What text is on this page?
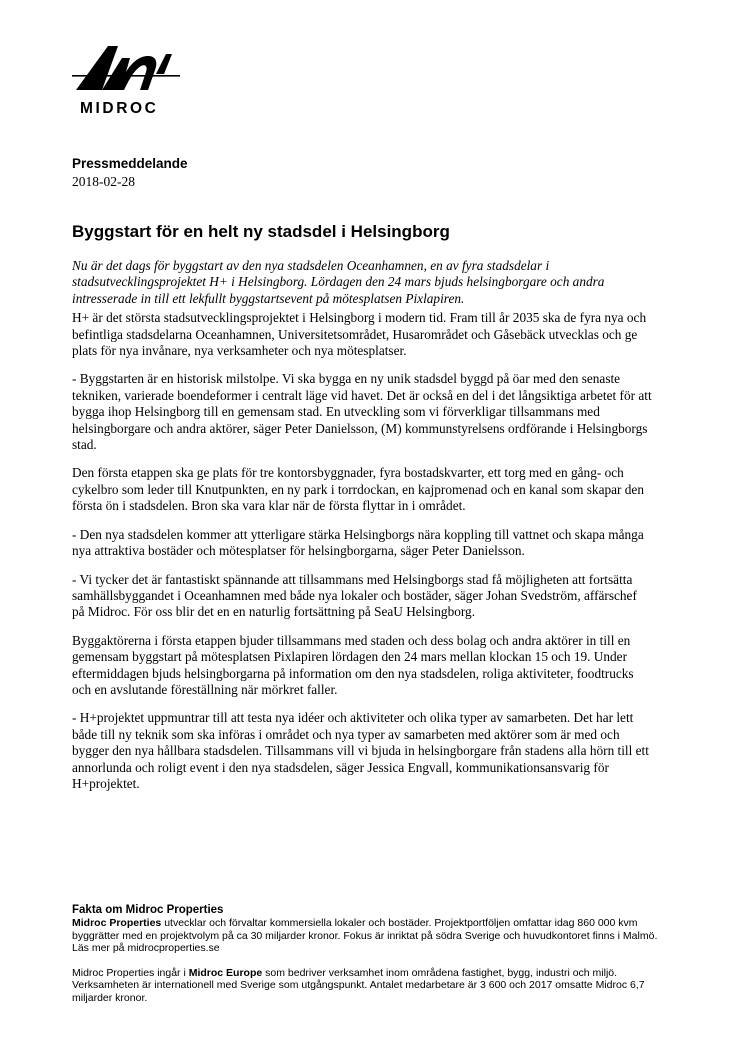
MIDROC
Pressmeddelande
2018-02-28
Byggstart för en helt ny stadsdel i Helsingborg

Nu är det dags för byggstart av den nya stadsdelen Oceanhamnen, en av fyra stadsdelar i stadsutvecklingsprojektet H+ i Helsingborg. Lördagen den 24 mars bjuds helsingborgare och andra intresserade in till ett lekfullt byggstartsevent på mötesplatsen Pixlapiren.

H+ är det största stadsutvecklingsprojektet i Helsingborg i modern tid. Fram till år 2035 ska de fyra nya och befintliga stadsdelarna Oceanhamnen, Universitetsområdet, Husarområdet och Gåsebäck utvecklas och ge plats för nya invånare, nya verksamheter och nya mötesplatser.

- Byggstarten är en historisk milstolpe. Vi ska bygga en ny unik stadsdel byggd på öar med den senaste tekniken, varierade boendeformer i centralt läge vid havet. Det är också en del i det långsiktiga arbetet för att bygga ihop Helsingborg till en gemensam stad. En utveckling som vi förverkligar tillsammans med helsingborgare och andra aktörer, säger Peter Danielsson, (M) kommunstyrelsens ordförande i Helsingborgs stad.

Den första etappen ska ge plats för tre kontorsbyggnader, fyra bostadskvarter, ett torg med en gång- och cykelbro som leder till Knutpunkten, en ny park i torrdockan, en kajpromenad och en kanal som skapar den första ön i stadsdelen. Bron ska vara klar när de första flyttar in i området.

- Den nya stadsdelen kommer att ytterligare stärka Helsingborgs nära koppling till vattnet och skapa många nya attraktiva bostäder och mötesplatser för helsingborgarna, säger Peter Danielsson.

- Vi tycker det är fantastiskt spännande att tillsammans med Helsingborgs stad få möjligheten att fortsätta samhällsbyggandet i Oceanhamnen med både nya lokaler och bostäder, säger Johan Svedström, affärschef på Midroc. För oss blir det en en naturlig fortsättning på SeaU Helsingborg.

Byggaktörerna i första etappen bjuder tillsammans med staden och dess bolag och andra aktörer in till en gemensam byggstart på mötesplatsen Pixlapiren lördagen den 24 mars mellan klockan 15 och 19. Under eftermiddagen bjuds helsingborgarna på information om den nya stadsdelen, roliga aktiviteter, foodtrucks och en avslutande föreställning när mörkret faller.

- H+projektet uppmuntrar till att testa nya idéer och aktiviteter och olika typer av samarbeten. Det har lett både till ny teknik som ska införas i området och nya typer av samarbeten med aktörer som är med och bygger den nya hållbara stadsdelen. Tillsammans vill vi bjuda in helsingborgare från stadens alla hörn till ett annorlunda och roligt event i den nya stadsdelen, säger Jessica Engvall, kommunikationsansvarig för H+projektet.

Fakta om Midroc Properties

Midroc Properties utvecklar och förvaltar kommersiella lokaler och bostäder. Projektportföljen omfattar idag 860 000 kvm byggrätter med en projektvolym på ca 30 miljarder kronor. Fokus är inriktat på södra Sverige och huvudkontoret finns i Malmö. Läs mer på midrocproperties.se

Midroc Properties ingår i Midroc Europe som bedriver verksamhet inom områdena fastighet, bygg, industri och miljö. Verksamheten är internationell med Sverige som utgångspunkt. Antalet medarbetare är 3 600 och 2017 omsatte Midroc 6,7 miljarder kronor.
